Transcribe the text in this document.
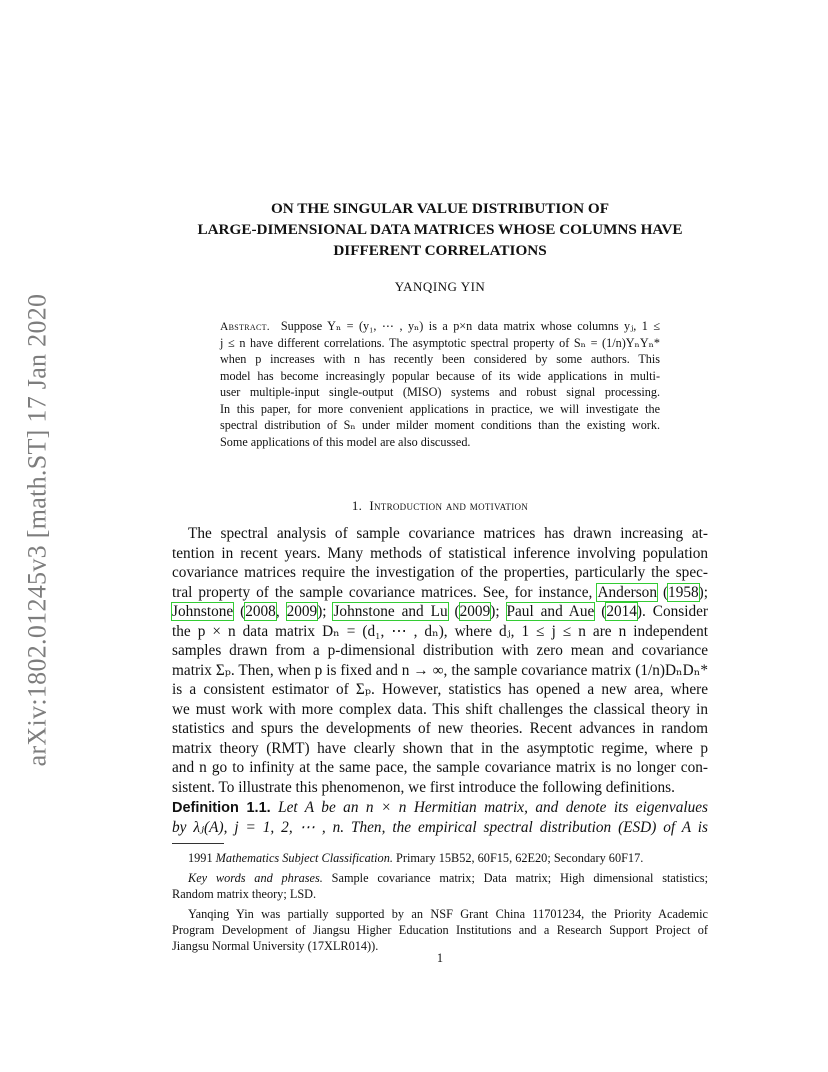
arXiv:1802.01245v3 [math.ST] 17 Jan 2020
ON THE SINGULAR VALUE DISTRIBUTION OF
LARGE-DIMENSIONAL DATA MATRICES WHOSE COLUMNS HAVE
DIFFERENT CORRELATIONS
YANQING YIN
Abstract. Suppose Yₙ = (y₁, ⋯ , yₙ) is a p×n data matrix whose columns yⱼ, 1 ≤
j ≤ n have different correlations. The asymptotic spectral property of Sₙ = (1/n)YₙYₙ*
when p increases with n has recently been considered by some authors. This
model has become increasingly popular because of its wide applications in multi-
user multiple-input single-output (MISO) systems and robust signal processing.
In this paper, for more convenient applications in practice, we will investigate the
spectral distribution of Sₙ under milder moment conditions than the existing work.
Some applications of this model are also discussed.
1. Introduction and motivation
The spectral analysis of sample covariance matrices has drawn increasing at-
tention in recent years. Many methods of statistical inference involving population
covariance matrices require the investigation of the properties, particularly the spec-
tral property of the sample covariance matrices. See, for instance, Anderson (1958);
Johnstone (2008, 2009); Johnstone and Lu (2009); Paul and Aue (2014). Consider
the p × n data matrix Dₙ = (d₁, ⋯ , dₙ), where dⱼ, 1 ≤ j ≤ n are n independent
samples drawn from a p-dimensional distribution with zero mean and covariance
matrix Σₚ. Then, when p is fixed and n → ∞, the sample covariance matrix (1/n)DₙDₙ*
is a consistent estimator of Σₚ. However, statistics has opened a new area, where
we must work with more complex data. This shift challenges the classical theory in
statistics and spurs the developments of new theories. Recent advances in random
matrix theory (RMT) have clearly shown that in the asymptotic regime, where p
and n go to infinity at the same pace, the sample covariance matrix is no longer con-
sistent. To illustrate this phenomenon, we first introduce the following definitions.
Definition 1.1. Let A be an n × n Hermitian matrix, and denote its eigenvalues
by λⱼ(A), j = 1, 2, ⋯ , n. Then, the empirical spectral distribution (ESD) of A is
1991 Mathematics Subject Classification. Primary 15B52, 60F15, 62E20; Secondary 60F17.
Key words and phrases. Sample covariance matrix; Data matrix; High dimensional statistics;
Random matrix theory; LSD.
Yanqing Yin was partially supported by an NSF Grant China 11701234, the Priority Academic
Program Development of Jiangsu Higher Education Institutions and a Research Support Project of
Jiangsu Normal University (17XLR014)).
1
